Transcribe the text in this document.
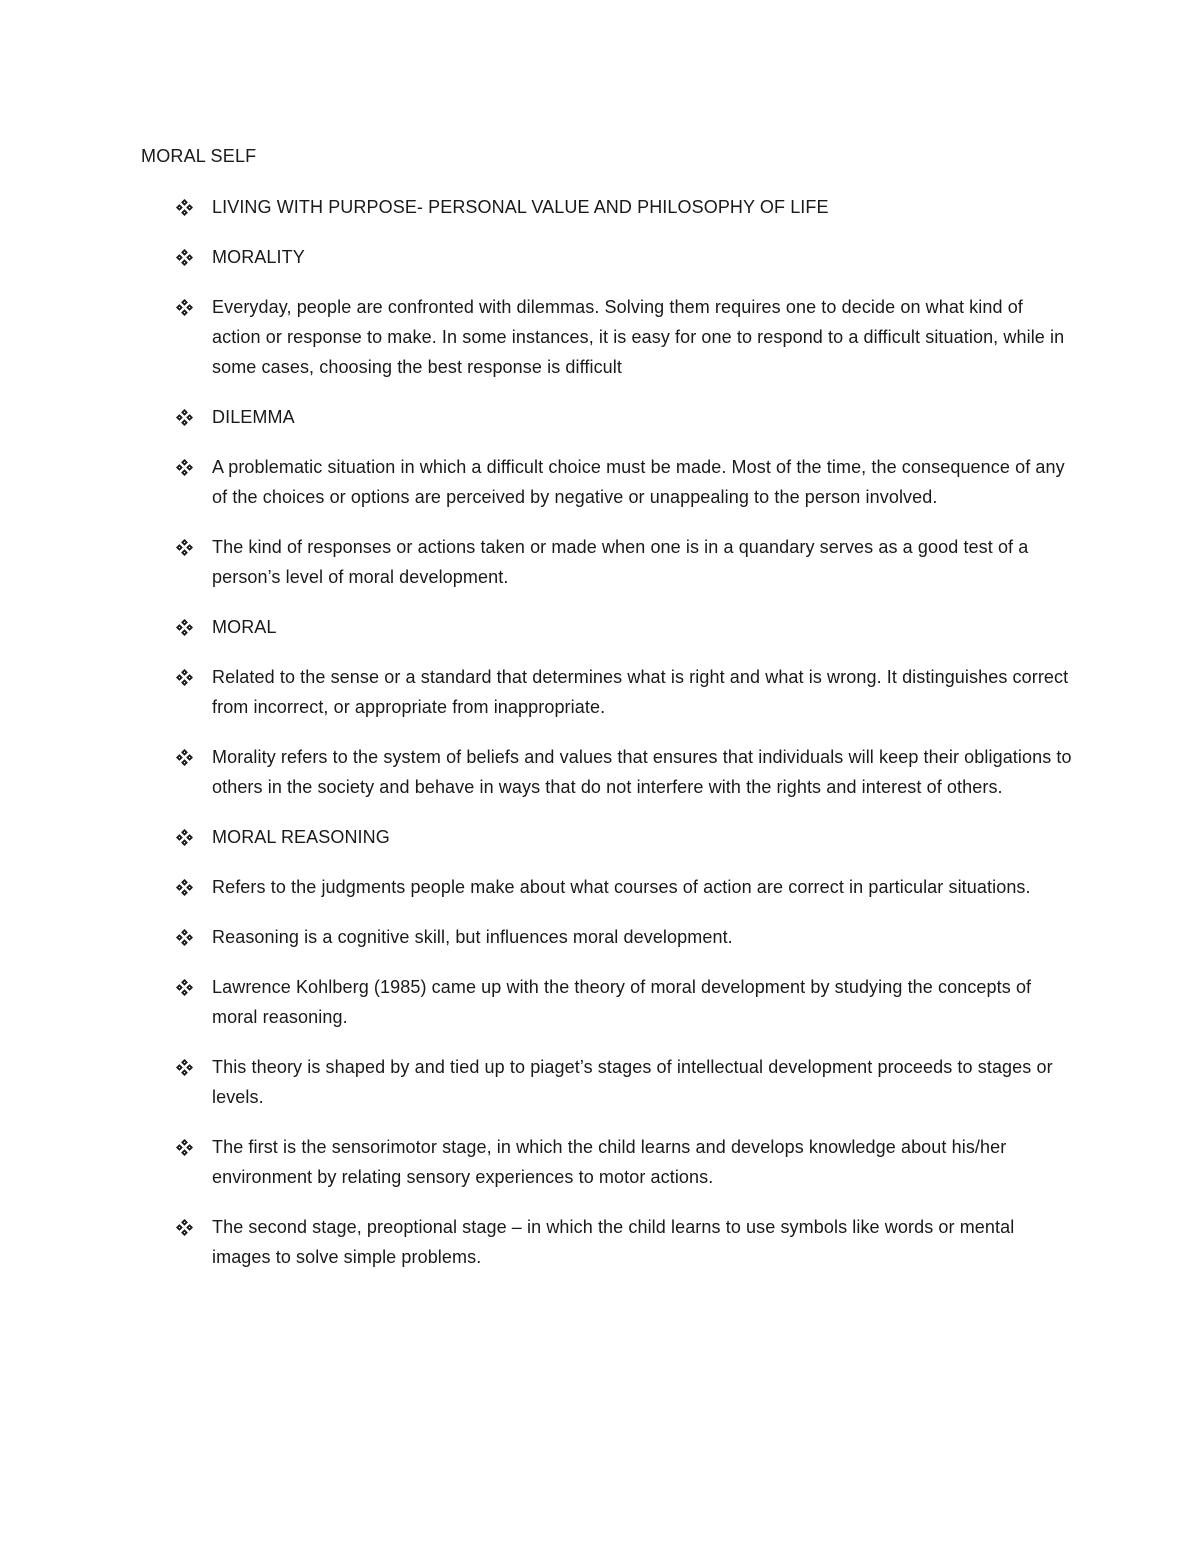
MORAL SELF
LIVING WITH PURPOSE- PERSONAL VALUE AND PHILOSOPHY OF LIFE
MORALITY
Everyday, people are confronted with dilemmas. Solving them requires one to decide on what kind of action or response to make. In some instances, it is easy for one to respond to a difficult situation, while in some cases, choosing the best response is difficult
DILEMMA
A problematic situation in which a difficult choice must be made. Most of the time, the consequence of any of the choices or options are perceived by negative or unappealing to the person involved.
The kind of responses or actions taken or made when one is in a quandary serves as a good test of a person’s level of moral development.
MORAL
Related to the sense or a standard that determines what is right and what is wrong. It distinguishes correct from incorrect, or appropriate from inappropriate.
Morality refers to the system of beliefs and values that ensures that individuals will keep their obligations to others in the society and behave in ways that do not interfere with the rights and interest of others.
MORAL REASONING
Refers to the judgments people make about what courses of action are correct in particular situations.
Reasoning is a cognitive skill, but influences moral development.
Lawrence Kohlberg (1985) came up with the theory of moral development by studying the concepts of moral reasoning.
This theory is shaped by and tied up to piaget’s stages of intellectual development proceeds to stages or levels.
The first is the sensorimotor stage, in which the child learns and develops knowledge about his/her environment by relating sensory experiences to motor actions.
The second stage, preoptional stage – in which the child learns to use symbols like words or mental images to solve simple problems.
